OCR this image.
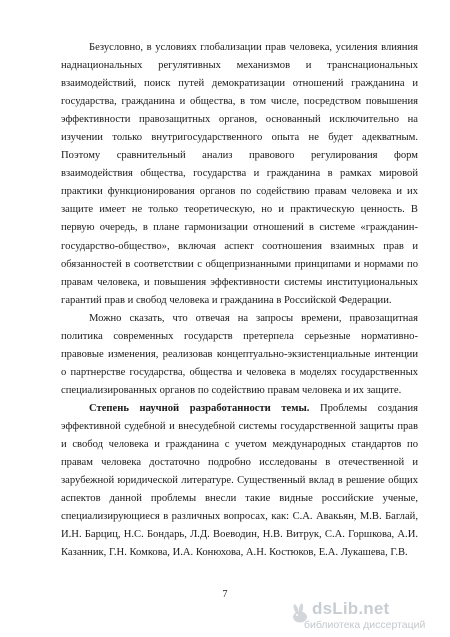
Безусловно, в условиях глобализации прав человека, усиления влияния наднациональных регулятивных механизмов и транснациональных взаимодействий, поиск путей демократизации отношений гражданина и государства, гражданина и общества, в том числе, посредством повышения эффективности правозащитных органов, основанный исключительно на изучении только внутригосударственного опыта не будет адекватным. Поэтому сравнительный анализ правового регулирования форм взаимодействия общества, государства и гражданина в рамках мировой практики функционирования органов по содействию правам человека и их защите имеет не только теоретическую, но и практическую ценность. В первую очередь, в плане гармонизации отношений в системе «гражданин-государство-общество», включая аспект соотношения взаимных прав и обязанностей в соответствии с общепризнанными принципами и нормами по правам человека, и повышения эффективности системы институциональных гарантий прав и свобод человека и гражданина в Российской Федерации.

Можно сказать, что отвечая на запросы времени, правозащитная политика современных государств претерпела серьезные нормативно-правовые изменения, реализовав концептуально-экзистенциальные интенции о партнерстве государства, общества и человека в моделях государственных специализированных органов по содействию правам человека и их защите.

Степень научной разработанности темы. Проблемы создания эффективной судебной и внесудебной системы государственной защиты прав и свобод человека и гражданина с учетом международных стандартов по правам человека достаточно подробно исследованы в отечественной и зарубежной юридической литературе. Существенный вклад в решение общих аспектов данной проблемы внесли такие видные российские ученые, специализирующиеся в различных вопросах, как: С.А. Авакьян, М.В. Баглай, И.Н. Барциц, Н.С. Бондарь, Л.Д. Воеводин, Н.В. Витрук, С.А. Горшкова, А.И. Казанник, Г.Н. Комкова, И.А. Конюхова, А.Н. Костюков, Е.А. Лукашева, Г.В.

7
dsLib.net
библиотека диссертаций
